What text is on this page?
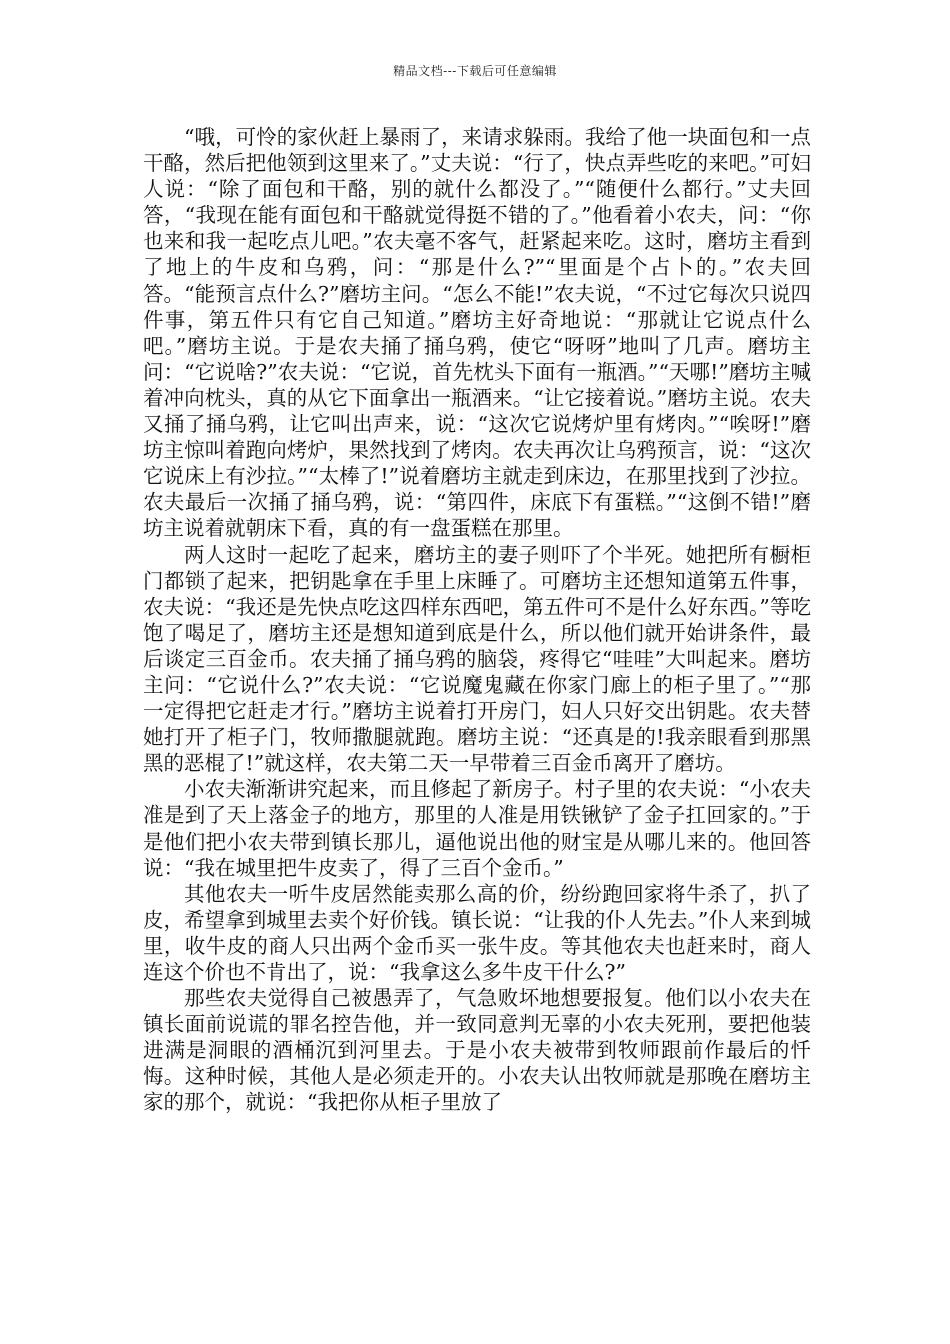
精品文档---下载后可任意编辑

“哦，可怜的家伙赶上暴雨了，来请求躲雨。我给了他一块面包和一点干酪，然后把他领到这里来了。”丈夫说：“行了，快点弄些吃的来吧。”可妇人说：“除了面包和干酪，别的就什么都没了。”“随便什么都行。”丈夫回答，“我现在能有面包和干酪就觉得挺不错的了。”他看着小农夫，问：“你也来和我一起吃点儿吧。”农夫毫不客气，赶紧起来吃。这时，磨坊主看到了地上的牛皮和乌鸦，问：“那是什么?”“里面是个占卜的。”农夫回答。“能预言点什么?”磨坊主问。“怎么不能!”农夫说，“不过它每次只说四件事，第五件只有它自己知道。”磨坊主好奇地说：“那就让它说点什么吧。”磨坊主说。于是农夫捅了捅乌鸦，使它“呀呀”地叫了几声。磨坊主问：“它说啥?”农夫说：“它说，首先枕头下面有一瓶酒。”“天哪!”磨坊主喊着冲向枕头，真的从它下面拿出一瓶酒来。“让它接着说。”磨坊主说。农夫又捅了捅乌鸦，让它叫出声来，说：“这次它说烤炉里有烤肉。”“唉呀!”磨坊主惊叫着跑向烤炉，果然找到了烤肉。农夫再次让乌鸦预言，说：“这次它说床上有沙拉。”“太棒了!”说着磨坊主就走到床边，在那里找到了沙拉。农夫最后一次捅了捅乌鸦，说：“第四件，床底下有蛋糕。”“这倒不错!”磨坊主说着就朝床下看，真的有一盘蛋糕在那里。

两人这时一起吃了起来，磨坊主的妻子则吓了个半死。她把所有橱柜门都锁了起来，把钥匙拿在手里上床睡了。可磨坊主还想知道第五件事，农夫说：“我还是先快点吃这四样东西吧，第五件可不是什么好东西。”等吃饱了喝足了，磨坊主还是想知道到底是什么，所以他们就开始讲条件，最后谈定三百金币。农夫捅了捅乌鸦的脑袋，疼得它“哇哇”大叫起来。磨坊主问：“它说什么?”农夫说：“它说魔鬼藏在你家门廊上的柜子里了。”“那一定得把它赶走才行。”磨坊主说着打开房门，妇人只好交出钥匙。农夫替她打开了柜子门，牧师撒腿就跑。磨坊主说：“还真是的!我亲眼看到那黑黑的恶棍了!”就这样，农夫第二天一早带着三百金币离开了磨坊。

小农夫渐渐讲究起来，而且修起了新房子。村子里的农夫说：“小农夫准是到了天上落金子的地方，那里的人准是用铁锹铲了金子扛回家的。”于是他们把小农夫带到镇长那儿，逼他说出他的财宝是从哪儿来的。他回答说：“我在城里把牛皮卖了，得了三百个金币。”

其他农夫一听牛皮居然能卖那么高的价，纷纷跑回家将牛杀了，扒了皮，希望拿到城里去卖个好价钱。镇长说：“让我的仆人先去。”仆人来到城里，收牛皮的商人只出两个金币买一张牛皮。等其他农夫也赶来时，商人连这个价也不肯出了，说：“我拿这么多牛皮干什么?”

那些农夫觉得自己被愚弄了，气急败坏地想要报复。他们以小农夫在镇长面前说谎的罪名控告他，并一致同意判无辜的小农夫死刑，要把他装进满是洞眼的酒桶沉到河里去。于是小农夫被带到牧师跟前作最后的忏悔。这种时候，其他人是必须走开的。小农夫认出牧师就是那晚在磨坊主家的那个，就说：“我把你从柜子里放了
